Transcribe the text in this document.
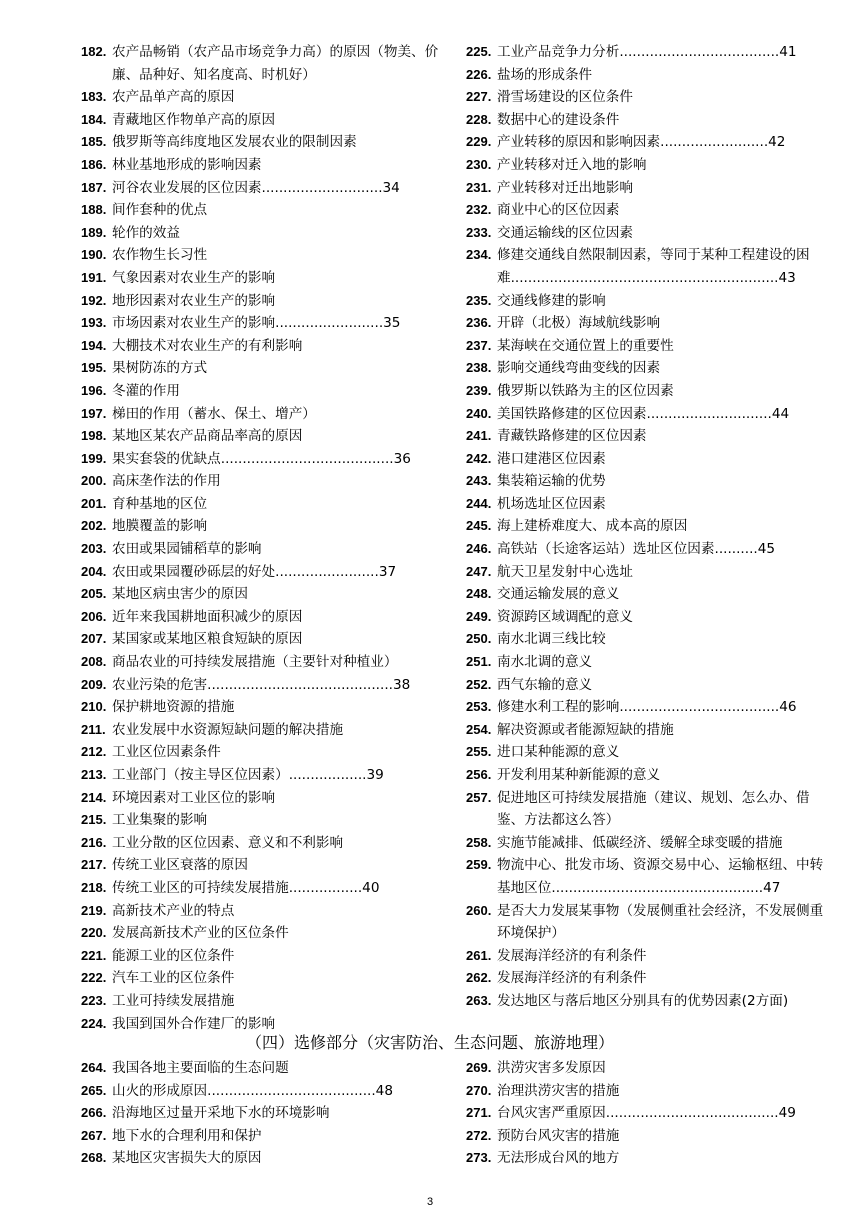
182. 农产品畅销（农产品市场竞争力高）的原因（物美、价廉、品种好、知名度高、时机好）
183. 农产品单产高的原因
184. 青藏地区作物单产高的原因
185. 俄罗斯等高纬度地区发展农业的限制因素
186. 林业基地形成的影响因素
187. 河谷农业发展的区位因素............................34
188. 间作套种的优点
189. 轮作的效益
190. 农作物生长习性
191. 气象因素对农业生产的影响
192. 地形因素对农业生产的影响
193. 市场因素对农业生产的影响.........................35
194. 大棚技术对农业生产的有利影响
195. 果树防冻的方式
196. 冬灌的作用
197. 梯田的作用（蓄水、保土、增产）
198. 某地区某农产品商品率高的原因
199. 果实套袋的优缺点........................................36
200. 高床垄作法的作用
201. 育种基地的区位
202. 地膜覆盖的影响
203. 农田或果园铺稻草的影响
204. 农田或果园覆砂砾层的好处........................37
205. 某地区病虫害少的原因
206. 近年来我国耕地面积减少的原因
207. 某国家或某地区粮食短缺的原因
208. 商品农业的可持续发展措施（主要针对种植业）
209. 农业污染的危害...........................................38
210. 保护耕地资源的措施
211. 农业发展中水资源短缺问题的解决措施
212. 工业区位因素条件
213. 工业部门（按主导区位因素）..................39
214. 环境因素对工业区位的影响
215. 工业集聚的影响
216. 工业分散的区位因素、意义和不利影响
217. 传统工业区衰落的原因
218. 传统工业区的可持续发展措施.................40
219. 高新技术产业的特点
220. 发展高新技术产业的区位条件
221. 能源工业的区位条件
222. 汽车工业的区位条件
223. 工业可持续发展措施
224. 我国到国外合作建厂的影响
225. 工业产品竞争力分析.....................................41
226. 盐场的形成条件
227. 滑雪场建设的区位条件
228. 数据中心的建设条件
229. 产业转移的原因和影响因素.........................42
230. 产业转移对迁入地的影响
231. 产业转移对迁出地影响
232. 商业中心的区位因素
233. 交通运输线的区位因素
234. 修建交通线自然限制因素，等同于某种工程建设的困难..............................................................43
235. 交通线修建的影响
236. 开辟（北极）海域航线影响
237. 某海峡在交通位置上的重要性
238. 影响交通线弯曲变线的因素
239. 俄罗斯以铁路为主的区位因素
240. 美国铁路修建的区位因素.............................44
241. 青藏铁路修建的区位因素
242. 港口建港区位因素
243. 集装箱运输的优势
244. 机场选址区位因素
245. 海上建桥难度大、成本高的原因
246. 高铁站（长途客运站）选址区位因素..........45
247. 航天卫星发射中心选址
248. 交通运输发展的意义
249. 资源跨区域调配的意义
250. 南水北调三线比较
251. 南水北调的意义
252. 西气东输的意义
253. 修建水利工程的影响.....................................46
254. 解决资源或者能源短缺的措施
255. 进口某种能源的意义
256. 开发利用某种新能源的意义
257. 促进地区可持续发展措施（建议、规划、怎么办、借鉴、方法都这么答）
258. 实施节能减排、低碳经济、缓解全球变暖的措施
259. 物流中心、批发市场、资源交易中心、运输枢纽、中转基地区位.................................................47
260. 是否大力发展某事物（发展侧重社会经济，不发展侧重环境保护）
261. 发展海洋经济的有利条件
262. 发展海洋经济的有利条件
263. 发达地区与落后地区分别具有的优势因素(2方面)
（四）选修部分（灾害防治、生态问题、旅游地理）
264. 我国各地主要面临的生态问题
265. 山火的形成原因.......................................48
266. 沿海地区过量开采地下水的环境影响
267. 地下水的合理利用和保护
268. 某地区灾害损失大的原因
269. 洪涝灾害多发原因
270. 治理洪涝灾害的措施
271. 台风灾害严重原因........................................49
272. 预防台风灾害的措施
273. 无法形成台风的地方
3
